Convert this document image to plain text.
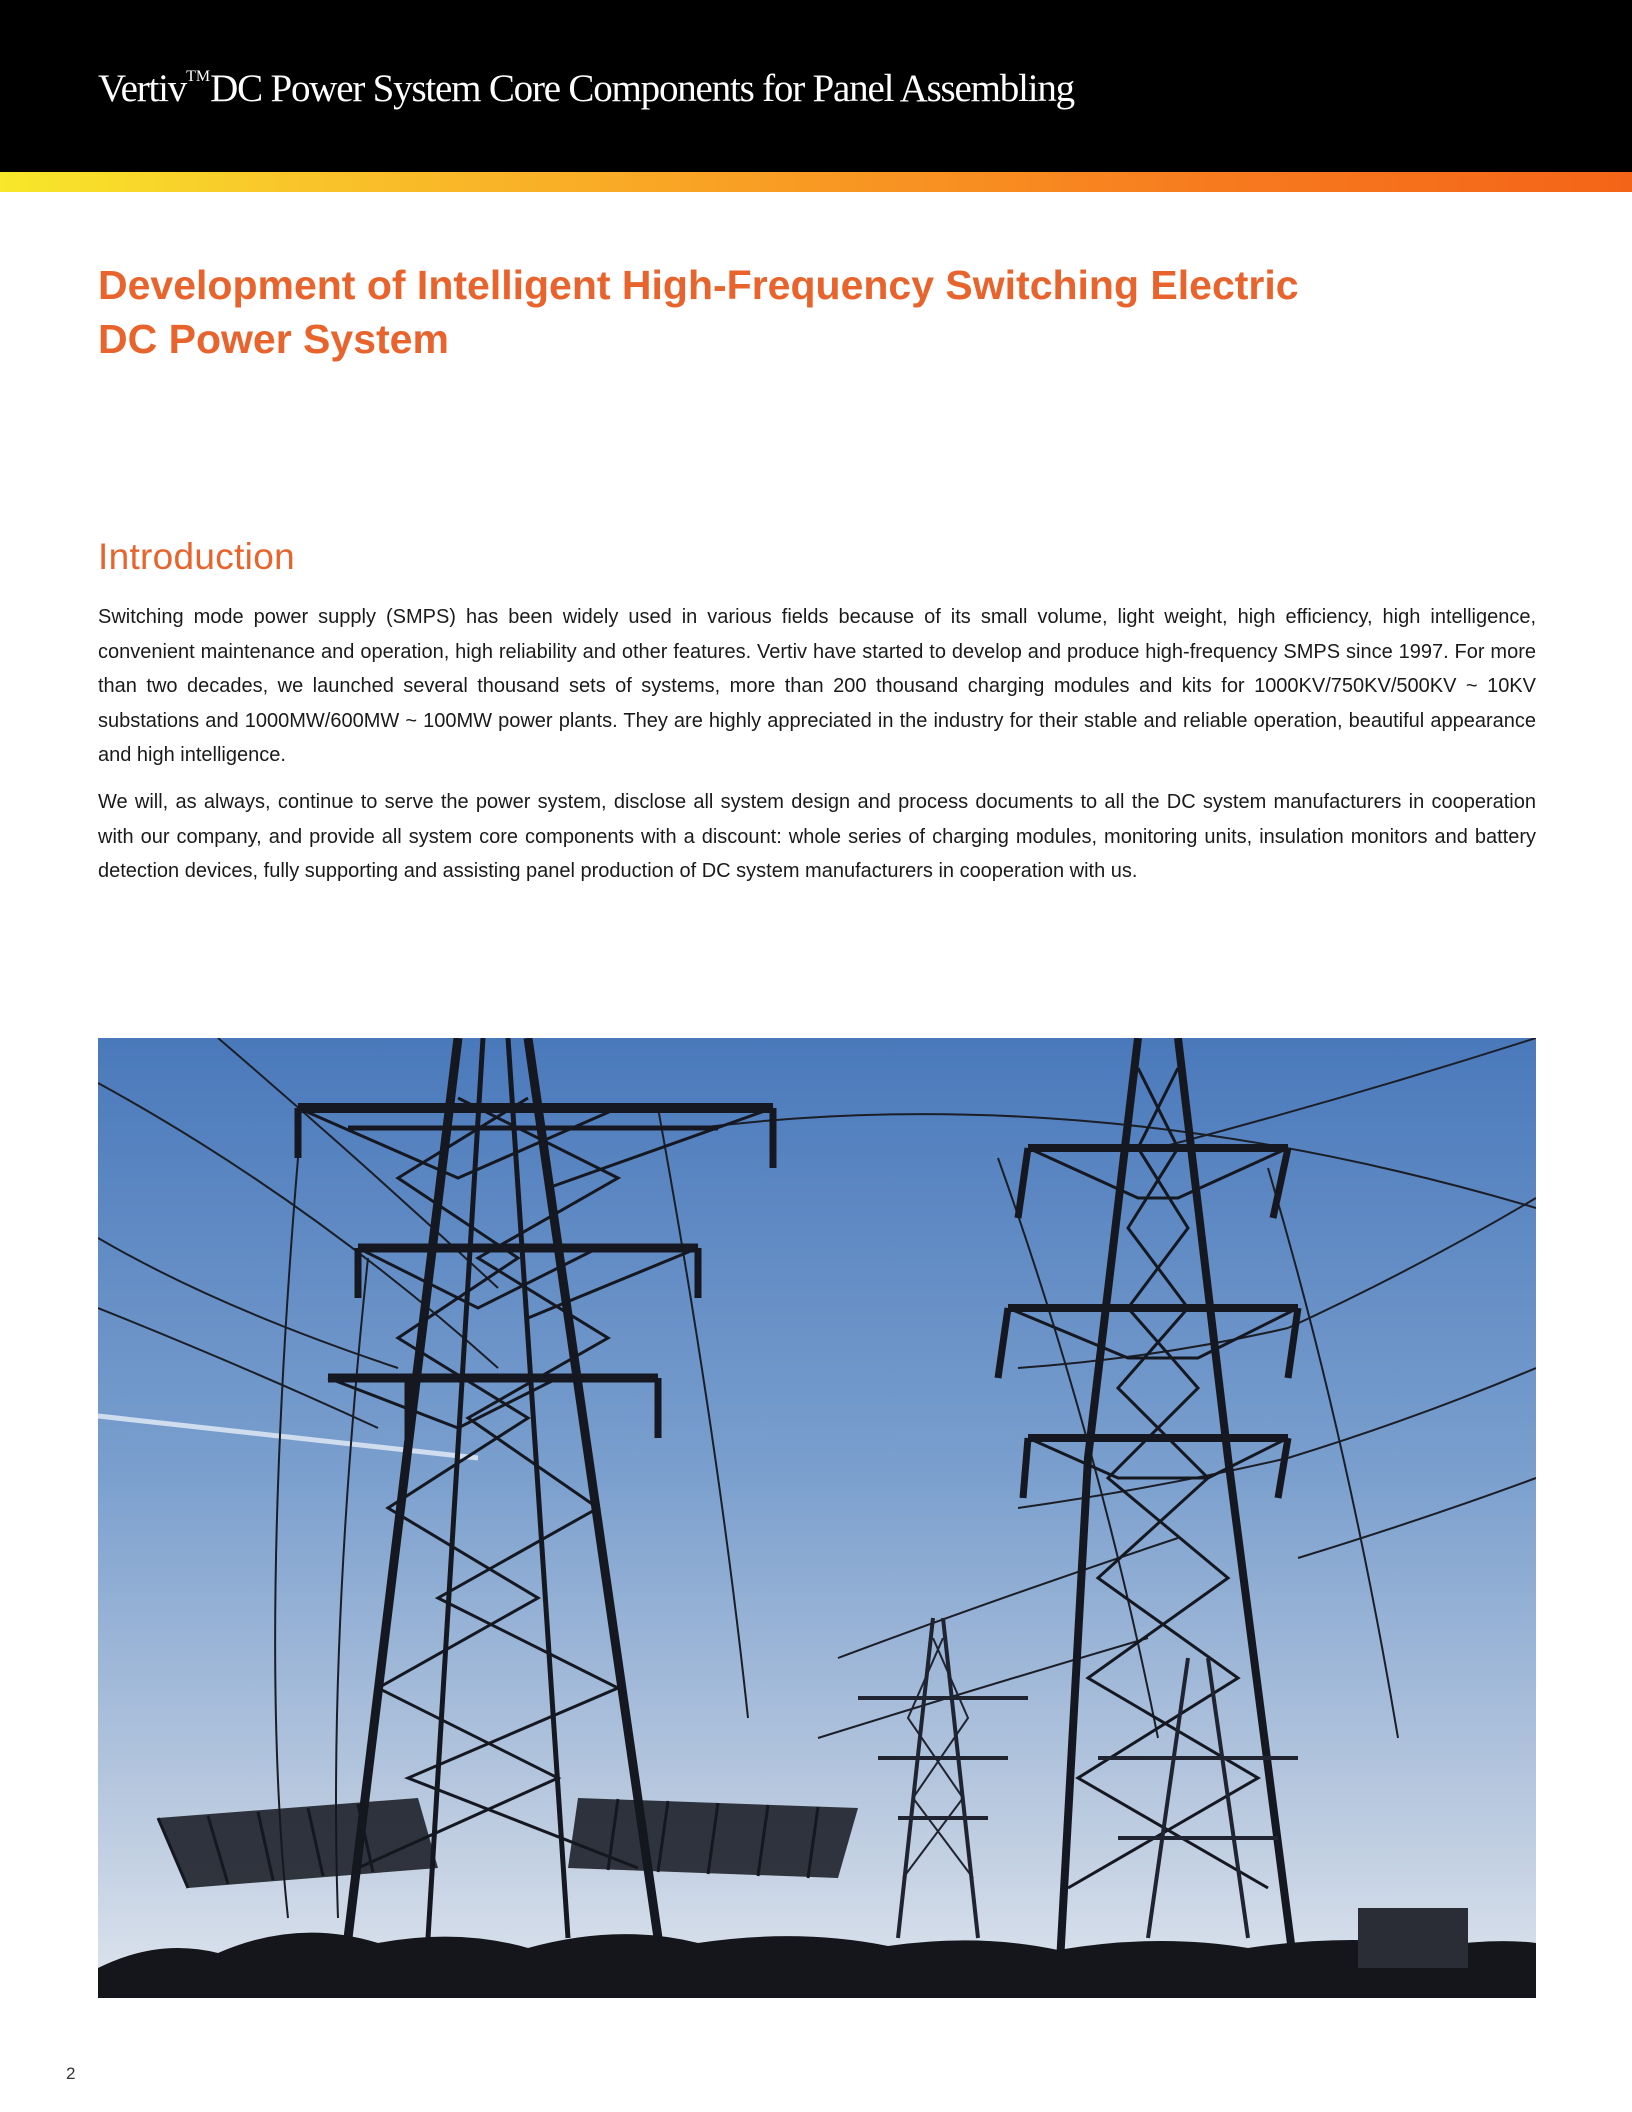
Vertiv™DC Power System Core Components for Panel Assembling
Development of Intelligent High-Frequency Switching Electric
DC Power System
Introduction

Switching mode power supply (SMPS) has been widely used in various fields because of its small volume, light weight, high efficiency, high intelligence, convenient maintenance and operation, high reliability and other features. Vertiv have started to develop and produce high-frequency SMPS since 1997. For more than two decades, we launched several thousand sets of systems, more than 200 thousand charging modules and kits for 1000KV/750KV/500KV ~ 10KV substations and 1000MW/600MW ~ 100MW power plants. They are highly appreciated in the industry for their stable and reliable operation, beautiful appearance and high intelligence.

We will, as always, continue to serve the power system, disclose all system design and process documents to all the DC system manufacturers in cooperation with our company, and provide all system core components with a discount: whole series of charging modules, monitoring units, insulation monitors and battery detection devices, fully supporting and assisting panel production of DC system manufacturers in cooperation with us.

2
